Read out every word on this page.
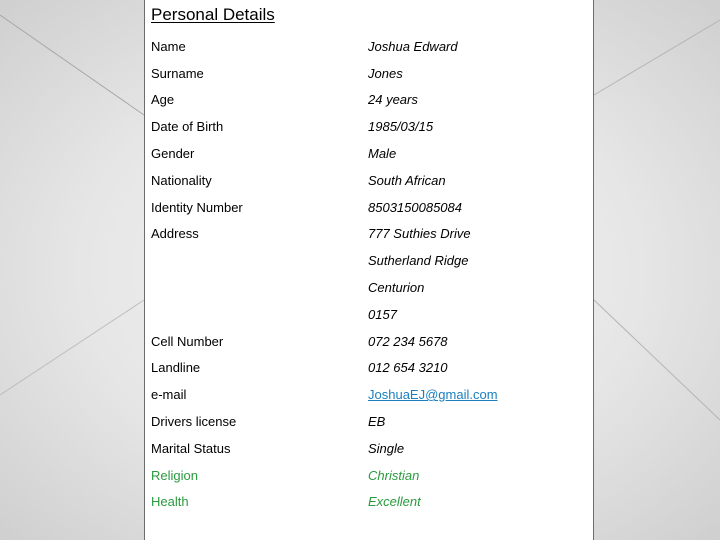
Personal Details
Name	Joshua Edward
Surname	Jones
Age	24 years
Date of Birth	1985/03/15
Gender	Male
Nationality	South African
Identity Number	8503150085084
Address	777 Suthies Drive
Sutherland Ridge
Centurion
0157
Cell Number	072 234 5678
Landline	012 654 3210
e-mail	JoshuaEJ@gmail.com
Drivers license	EB
Marital Status	Single
Religion	Christian
Health	Excellent
